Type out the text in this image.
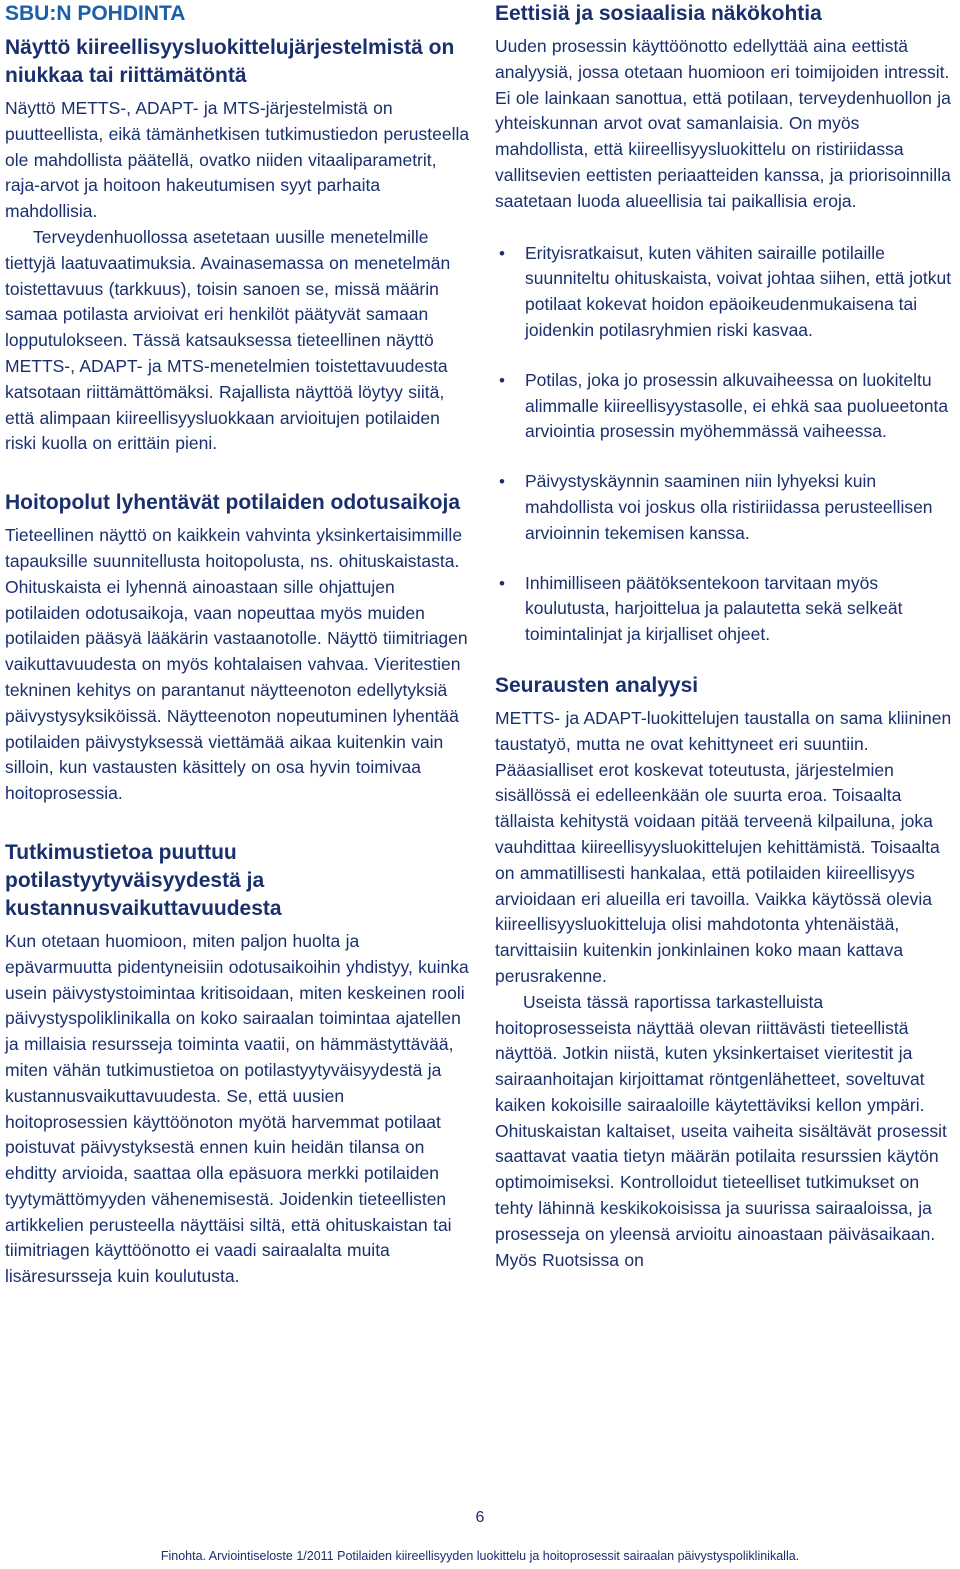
SBU:N POHDINTA
Näyttö kiireellisyysluokittelujärjestelmistä on niukkaa tai riittämätöntä

Näyttö METTS-, ADAPT- ja MTS-järjestelmistä on puutteellista, eikä tämänhetkisen tutkimustiedon perusteella ole mahdollista päätellä, ovatko niiden vitaaliparametrit, raja-arvot ja hoitoon hakeutumisen syyt parhaita mahdollisia.

Terveydenhuollossa asetetaan uusille menetelmille tiettyjä laatuvaatimuksia. Avainasemassa on menetelmän toistettavuus (tarkkuus), toisin sanoen se, missä määrin samaa potilasta arvioivat eri henkilöt päätyvät samaan lopputulokseen. Tässä katsauksessa tieteellinen näyttö METTS-, ADAPT- ja MTS-menetelmien toistettavuudesta katsotaan riittämättömäksi. Rajallista näyttöä löytyy siitä, että alimpaan kiireellisyysluokkaan arvioitujen potilaiden riski kuolla on erittäin pieni.

Hoitopolut lyhentävät potilaiden odotusaikoja

Tieteellinen näyttö on kaikkein vahvinta yksinkertaisimmille tapauksille suunnitellusta hoitopolusta, ns. ohituskaistasta. Ohituskaista ei lyhennä ainoastaan sille ohjattujen potilaiden odotusaikoja, vaan nopeuttaa myös muiden potilaiden pääsyä lääkärin vastaanotolle. Näyttö tiimitriagen vaikuttavuudesta on myös kohtalaisen vahvaa. Vieritestien tekninen kehitys on parantanut näytteenoton edellytyksiä päivystysyksiköissä. Näytteenoton nopeutuminen lyhentää potilaiden päivystyksessä viettämää aikaa kuitenkin vain silloin, kun vastausten käsittely on osa hyvin toimivaa hoitoprosessia.

Tutkimustietoa puuttuu potilastyytyväisyydestä ja kustannusvaikuttavuudesta

Kun otetaan huomioon, miten paljon huolta ja epävarmuutta pidentyneisiin odotusaikoihin yhdistyy, kuinka usein päivystystoimintaa kritisoidaan, miten keskeinen rooli päivystyspoliklinikalla on koko sairaalan toimintaa ajatellen ja millaisia resursseja toiminta vaatii, on hämmästyttävää, miten vähän tutkimustietoa on potilastyytyväisyydestä ja kustannusvaikuttavuudesta. Se, että uusien hoitoprosessien käyttöönoton myötä harvemmat potilaat poistuvat päivystyksestä ennen kuin heidän tilansa on ehditty arvioida, saattaa olla epäsuora merkki potilaiden tyytymättömyyden vähenemisestä. Joidenkin tieteellisten artikkelien perusteella näyttäisi siltä, että ohituskaistan tai tiimitriagen käyttöönotto ei vaadi sairaalalta muita lisäresursseja kuin koulutusta.

Eettisiä ja sosiaalisia näkökohtia

Uuden prosessin käyttöönotto edellyttää aina eettistä analyysiä, jossa otetaan huomioon eri toimijoiden intressit. Ei ole lainkaan sanottua, että potilaan, terveydenhuollon ja yhteiskunnan arvot ovat samanlaisia. On myös mahdollista, että kiireellisyysluokittelu on ristiriidassa vallitsevien eettisten periaatteiden kanssa, ja priorisoinnilla saatetaan luoda alueellisia tai paikallisia eroja.

• Erityisratkaisut, kuten vähiten sairaille potilaille suunniteltu ohituskaista, voivat johtaa siihen, että jotkut potilaat kokevat hoidon epäoikeudenmukaisena tai joidenkin potilasryhmien riski kasvaa.
• Potilas, joka jo prosessin alkuvaiheessa on luokiteltu alimmalle kiireellisyystasolle, ei ehkä saa puolueetonta arviointia prosessin myöhemmässä vaiheessa.
• Päivystyskäynnin saaminen niin lyhyeksi kuin mahdollista voi joskus olla ristiriidassa perusteellisen arvioinnin tekemisen kanssa.
• Inhimilliseen päätöksentekoon tarvitaan myös koulutusta, harjoittelua ja palautetta sekä selkeät toimintalinjat ja kirjalliset ohjeet.
Seurausten analyysi

METTS- ja ADAPT-luokittelujen taustalla on sama kliininen taustatyö, mutta ne ovat kehittyneet eri suuntiin. Pääasialliset erot koskevat toteutusta, järjestelmien sisällössä ei edelleenkään ole suurta eroa. Toisaalta tällaista kehitystä voidaan pitää terveenä kilpailuna, joka vauhdittaa kiireellisyysluokittelujen kehittämistä. Toisaalta on ammatillisesti hankalaa, että potilaiden kiireellisyys arvioidaan eri alueilla eri tavoilla. Vaikka käytössä olevia kiireellisyysluokitteluja olisi mahdotonta yhtenäistää, tarvittaisiin kuitenkin jonkinlainen koko maan kattava perusrakenne.

Useista tässä raportissa tarkastelluista hoitoprosesseista näyttää olevan riittävästi tieteellistä näyttöä. Jotkin niistä, kuten yksinkertaiset vieritestit ja sairaanhoitajan kirjoittamat röntgenlähetteet, soveltuvat kaiken kokoisille sairaaloille käytettäviksi kellon ympäri. Ohituskaistan kaltaiset, useita vaiheita sisältävät prosessit saattavat vaatia tietyn määrän potilaita resurssien käytön optimoimiseksi. Kontrolloidut tieteelliset tutkimukset on tehty lähinnä keskikokoisissa ja suurissa sairaaloissa, ja prosesseja on yleensä arvioitu ainoastaan päiväsaikaan. Myös Ruotsissa on

6
Finohta. Arviointiseloste 1/2011 Potilaiden kiireellisyyden luokittelu ja hoitoprosessit sairaalan päivystyspoliklinikalla.
